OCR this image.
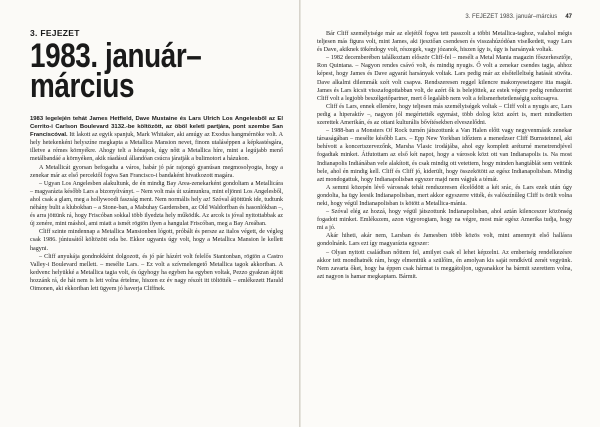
3. FEJEZET
1983. január–
március

1983 legelején tehát James Hetfield, Dave Mustaine és Lars Ulrich Los Angelesből az El Cerrito-i Carlson Boulevard 3132.-be költözött, az öböl keleti partjára, pont szembe San Franciscóval. Itt lakott az egyik spanjuk, Mark Whitaker, aki amúgy az Exodus hangmérnöke volt. A hely hetekenkéni helyszíne megkapta a Metallica Mansion nevet, finom utaláséppen a képkastésgára, illetve a rémes környékre. Ahogy telt a hónapok, úgy nőtt a Metallica híre, mint a legújabb menő metálbandáé a környéken, akik ráadásul állandóan csúcra járatják a bulimotort a házukon.

A Metallicát gyorsan befogadta a város, habár jó pár rajongó gyanúsan megmosolyogta, hogy a zenekar már az első percektől fogva San Francisco-i bandaként hivatkozott magára.

– Ugyan Los Angelesben alakultunk, de én mindig Bay Area-zenekarként gondoltam a Metallicára – magyarázta később Lars a bizonyítványt. – Nem volt más út számunkra, mint eljönni Los Angelesből, ahol csak a glam, meg a hollywoodi faszság ment. Nem normális hely az! Szóval átjöttünk ide, tudtunk néhány bulit a klubokban – a Stone-ban, a Mabuhay Gardensben, az Old Waldorfban és hasonlókban –, és arra jöttünk rá, hogy Friscóban sokkal több ilyedzta hely működik. Az arcok is jóval nyitottabbak az új zenére, mint máshol, ami miatt a ismét rögtön ilyen a hangulat Friscóban, meg a Bay Areában.

Cliff szinte mindennap a Metallica Mansionben lógott, próbált és persze az italos végett, de végleg csak 1986. júniusától költözött oda be. Ekkor ugyanis úgy volt, hogy a Metallica Mansion le kellett hagyni.

– Cliff anyukája gondnokként dolgozott, és jó pár házért volt felelős Stantonban, rögtön a Castro Valley-i Boulevard mellett. – mesélte Lars. – Ez volt a szívmelengető Metallica tagok akkoriban. A kedvenc helyükké a Metallica tagia volt, és úgyhogy ha egyben ha egyben voltak, Pezzo gyakran átjött hozzánk rá, de hát nem is lett volna értelme, hiszen ez év nagy részét itt töltötték – emlékezett Harald Oimonen, aki ekkoriban lett ügyem jó haverja Cliffnek.

3. FEJEZET 1983. január–március 47

Bár Cliff személyisége már az elejétől fogva tett passzolt a többi Metallica-taghoz, valahol mégis teljesen más figura volt, mint James, aki ijesztőan csendesen és visszahúzódóan viselkedett, vagy Lars és Dave, akiknek tökéndogy volt, részegek, vagy józanok, hiszen így is, úgy is harsányak voltak.

– 1982 decemberében találkoztam először Cliff-fel – mesélt a Metal Mania magazin főszerkesztője, Ron Quintana. – Nagyon rendes csávó volt, és mindig nyugis. Ő volt a zenekar csendes tagja, ahhoz képest, hogy James és Dave agyarát harsányak voltak. Lars pedig már az elsőtelleltség hatását süvőta. Dave alkalmi dilemmák szét volt csapva. Rendszeresen reggel kilencre makonyeseizgere itta magát. James és Lars kicsit visszafogottabban volt, de azért ők is belejöttek, az estek végere pedig rendszerint Cliff volt a legjobb beszélgetőpartner, mert ő legalább nem volt a felismerhetetlenségig szétcsapva.

Cliff és Lars, ennek ellenére, hogy teljesen más személyiségek voltak – Cliff volt a nyugis arc, Lars pedig a hiperaktív –, nagyon jól megértették egymást, több dolog közt azért is, mert mindketten szerettek Amerikán, és az ottani kulturális bővítésekben elveszelődni.

– 1988-ban a Monsters Of Rock turnén játszottunk a Van Halen előtt vagy negyvenmásik zenekar társaságában – mesélte később Lars. – Epp New Yorkban időztem a menedzser Cliff Burnsteinnel, aki behívott a koncertszervezőnk, Marsha Vlasic irodájába, ahol egy komplett aréturné menetrendjével fogadtak minket. Átfutottam az első két napot, hogy a városok közt ott van Indianapolis is. Na most Indianapolis Indiánában vele alakított, és csak mindig ott vetettem, hogy minden hangtáblát sem vettünk bele, ahol én mindig kell. Cliff és Cliff jó, kiderült, hogy összekötött az egész Indianapolisban. Mindig azt mondogattuk, hogy Indianapolisban egyszer majd nem vágjuk a témát.

A semmi közepén lévő városnak tehát rendszeresen élcelődött a két srác, és Lars ezek után úgy gondolta, ha ügy leesik Indianapolisban, mert akkor egyszerre vitték, és valószínűleg Cliff is örült volna neki, hogy végül Indianapolisban is kötött a Metallica-mánia.

– Szóval elég az hozzá, hogy végül játszottunk Indianapolisban, ahol aztán kilenceszer közönség fogadott minket. Emlékszem, azon vigyorogtam, hogy na végre, most már egész Amerika tudja, hogy mi a jó.

Akár hiheti, akár nem, Larsban és Jamesben több közös volt, mint amennyit első hallásra gondolnánk. Lars ezt így magyarázta egyszer:

– Olyan nyitott családban nőttem fel, amilyet csak el lehet képzelni. Az emberiség rendelkezésre akkor tett mondhatnék rám, hogy elmenttük a szülőim, én amolyan kis saját rendkívül zenét vegyünk. Nem zavarta őket, hogy ha éppen csak hármat is meggátoljon, ugyanakkor ha bármit szerettem volna, azt nagyon is hamar megkaptam. Bármit.
